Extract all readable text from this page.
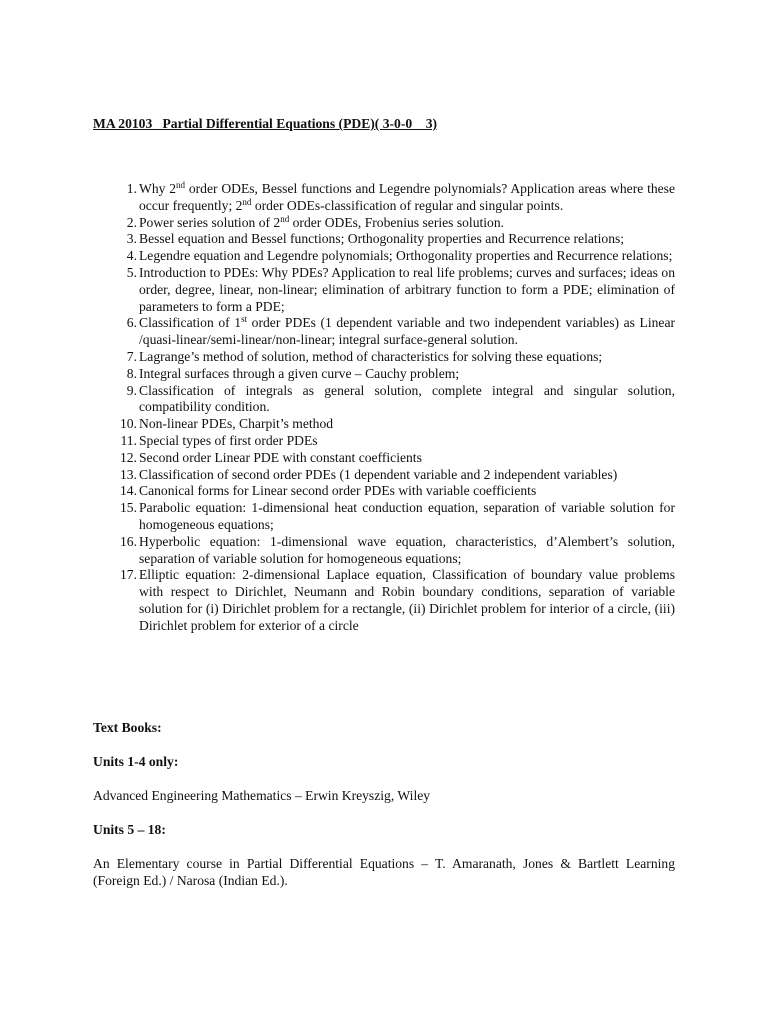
MA 20103   Partial Differential Equations (PDE)( 3-0-0    3)

1. Why 2nd order ODEs, Bessel functions and Legendre polynomials? Application areas where these occur frequently; 2nd order ODEs-classification of regular and singular points.
2. Power series solution of 2nd order ODEs, Frobenius series solution.
3. Bessel equation and Bessel functions; Orthogonality properties and Recurrence relations;
4. Legendre equation and Legendre polynomials; Orthogonality properties and Recurrence relations;
5. Introduction to PDEs: Why PDEs? Application to real life problems; curves and surfaces; ideas on order, degree, linear, non-linear; elimination of arbitrary function to form a PDE; elimination of parameters to form a PDE;
6. Classification of 1st order PDEs (1 dependent variable and two independent variables) as Linear /quasi-linear/semi-linear/non-linear; integral surface-general solution.
7. Lagrange’s method of solution, method of characteristics for solving these equations;
8. Integral surfaces through a given curve – Cauchy problem;
9. Classification of integrals as general solution, complete integral and singular solution, compatibility condition.
10. Non-linear PDEs, Charpit’s method
11. Special types of first order PDEs
12. Second order Linear PDE with constant coefficients
13. Classification of second order PDEs (1 dependent variable and 2 independent variables)
14. Canonical forms for Linear second order PDEs with variable coefficients
15. Parabolic equation: 1-dimensional heat conduction equation, separation of variable solution for homogeneous equations;
16. Hyperbolic equation: 1-dimensional wave equation, characteristics, d’Alembert’s solution, separation of variable solution for homogeneous equations;
17. Elliptic equation: 2-dimensional Laplace equation, Classification of boundary value problems with respect to Dirichlet, Neumann and Robin boundary conditions, separation of variable solution for (i) Dirichlet problem for a rectangle, (ii) Dirichlet problem for interior of a circle, (iii) Dirichlet problem for exterior of a circle

Text Books:

Units 1-4 only:

Advanced Engineering Mathematics – Erwin Kreyszig, Wiley

Units 5 – 18:

An Elementary course in Partial Differential Equations – T. Amaranath, Jones & Bartlett Learning (Foreign Ed.) / Narosa (Indian Ed.).
